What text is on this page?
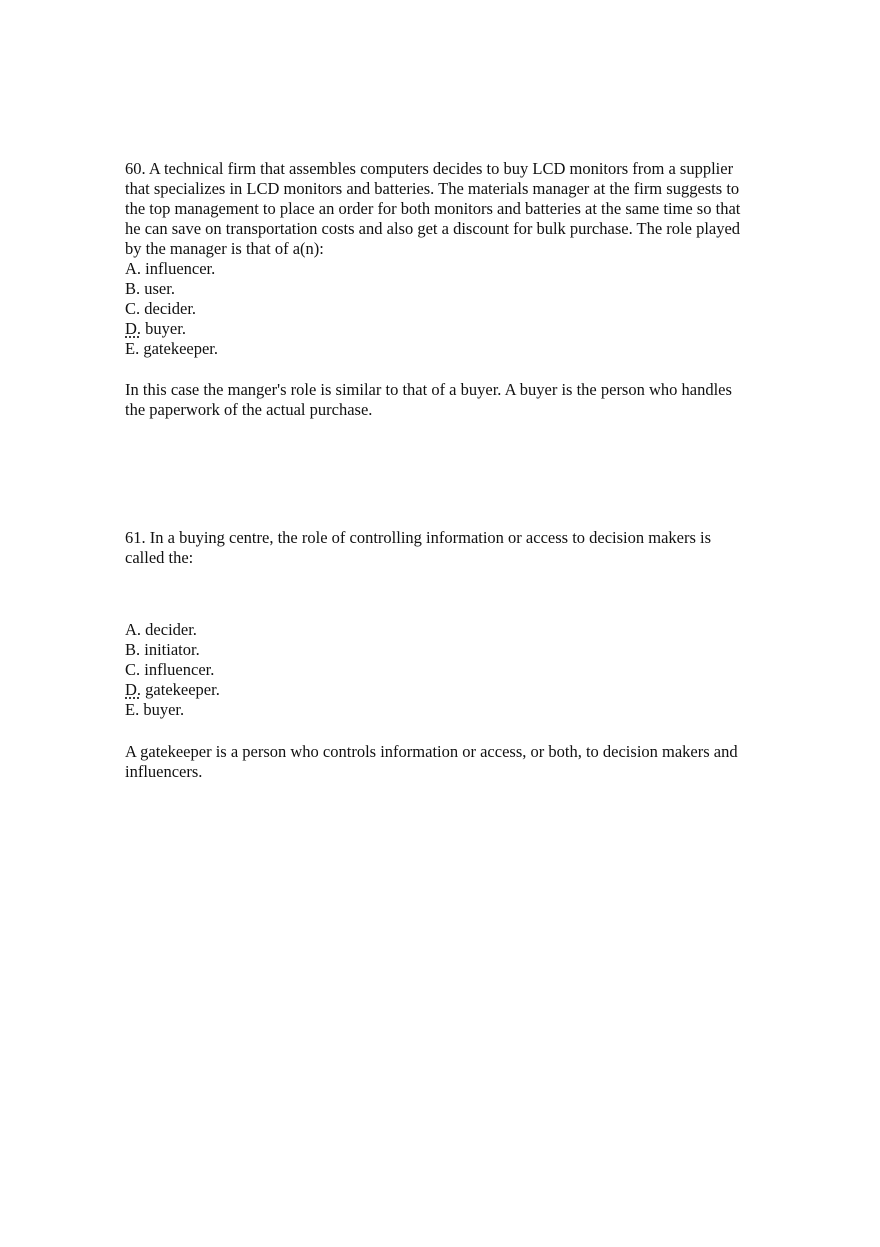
60. A technical firm that assembles computers decides to buy LCD monitors from a supplier
that specializes in LCD monitors and batteries. The materials manager at the firm suggests to
the top management to place an order for both monitors and batteries at the same time so that
he can save on transportation costs and also get a discount for bulk purchase. The role played
by the manager is that of a(n):
A. influencer.
B. user.
C. decider.
D. buyer.
E. gatekeeper.
In this case the manger's role is similar to that of a buyer. A buyer is the person who handles
the paperwork of the actual purchase.
61. In a buying centre, the role of controlling information or access to decision makers is
called the:
A. decider.
B. initiator.
C. influencer.
D. gatekeeper.
E. buyer.
A gatekeeper is a person who controls information or access, or both, to decision makers and
influencers.
